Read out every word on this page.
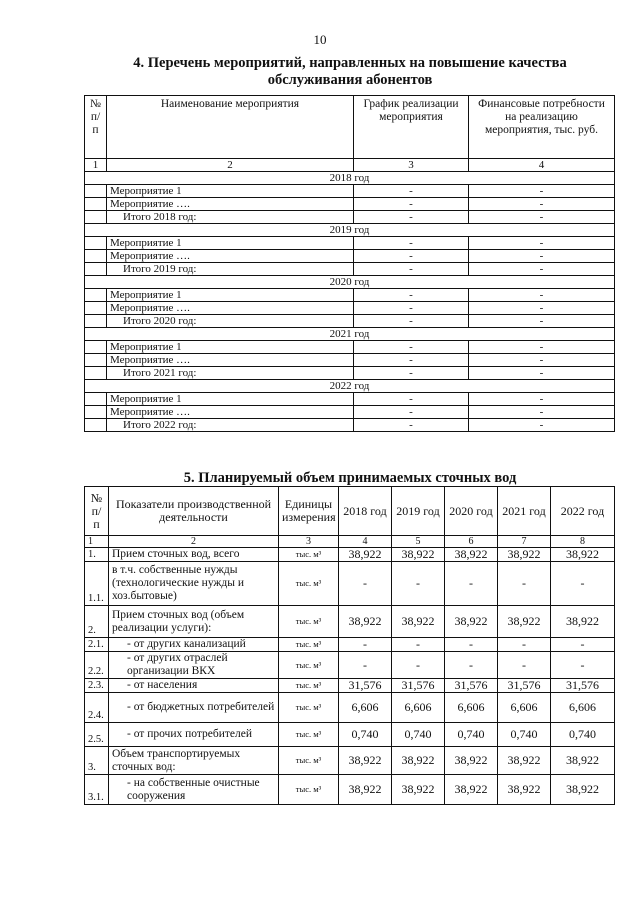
10
4. Перечень мероприятий, направленных на повышение качества
обслуживания абонентов
№ п/п	Наименование мероприятия	График реализации мероприятия	Финансовые потребности на реализацию мероприятия, тыс. руб.
1	2	3	4
2018 год			
	Мероприятие 1	-	-
	Мероприятие ….	-	-
	Итого 2018 год:	-	-
2019 год			
	Мероприятие 1	-	-
	Мероприятие ….	-	-
	Итого 2019 год:	-	-
2020 год			
	Мероприятие 1	-	-
	Мероприятие ….	-	-
	Итого 2020 год:	-	-
2021 год			
	Мероприятие 1	-	-
	Мероприятие ….	-	-
	Итого 2021 год:	-	-
2022 год			
	Мероприятие 1	-	-
	Мероприятие ….	-	-
	Итого 2022 год:	-	-
5. Планируемый объем принимаемых сточных вод
№ п/ п	Показатели производственной деятельности	Единицы измерения	2018 год	2019 год	2020 год	2021 год	2022 год
1	2	3	4	5	6	7	8
1.	Прием сточных вод, всего	тыс. м³	38,922	38,922	38,922	38,922	38,922
1.1.	в т.ч. собственные нужды (технологические нужды и хоз.бытовые)	тыс. м³	-	-	-	-	-
2.	Прием сточных вод (объем реализации услуги):	тыс. м³	38,922	38,922	38,922	38,922	38,922
2.1.	- от других канализаций	тыс. м³	-	-	-	-	-
2.2.	- от других отраслей организации ВКХ	тыс. м³	-	-	-	-	-
2.3.	- от населения	тыс. м³	31,576	31,576	31,576	31,576	31,576
2.4.	- от бюджетных потребителей	тыс. м³	6,606	6,606	6,606	6,606	6,606
2.5.	- от прочих потребителей	тыс. м³	0,740	0,740	0,740	0,740	0,740
3.	Объем транспортируемых сточных вод:	тыс. м³	38,922	38,922	38,922	38,922	38,922
3.1.	- на собственные очистные сооружения	тыс. м³	38,922	38,922	38,922	38,922	38,922
